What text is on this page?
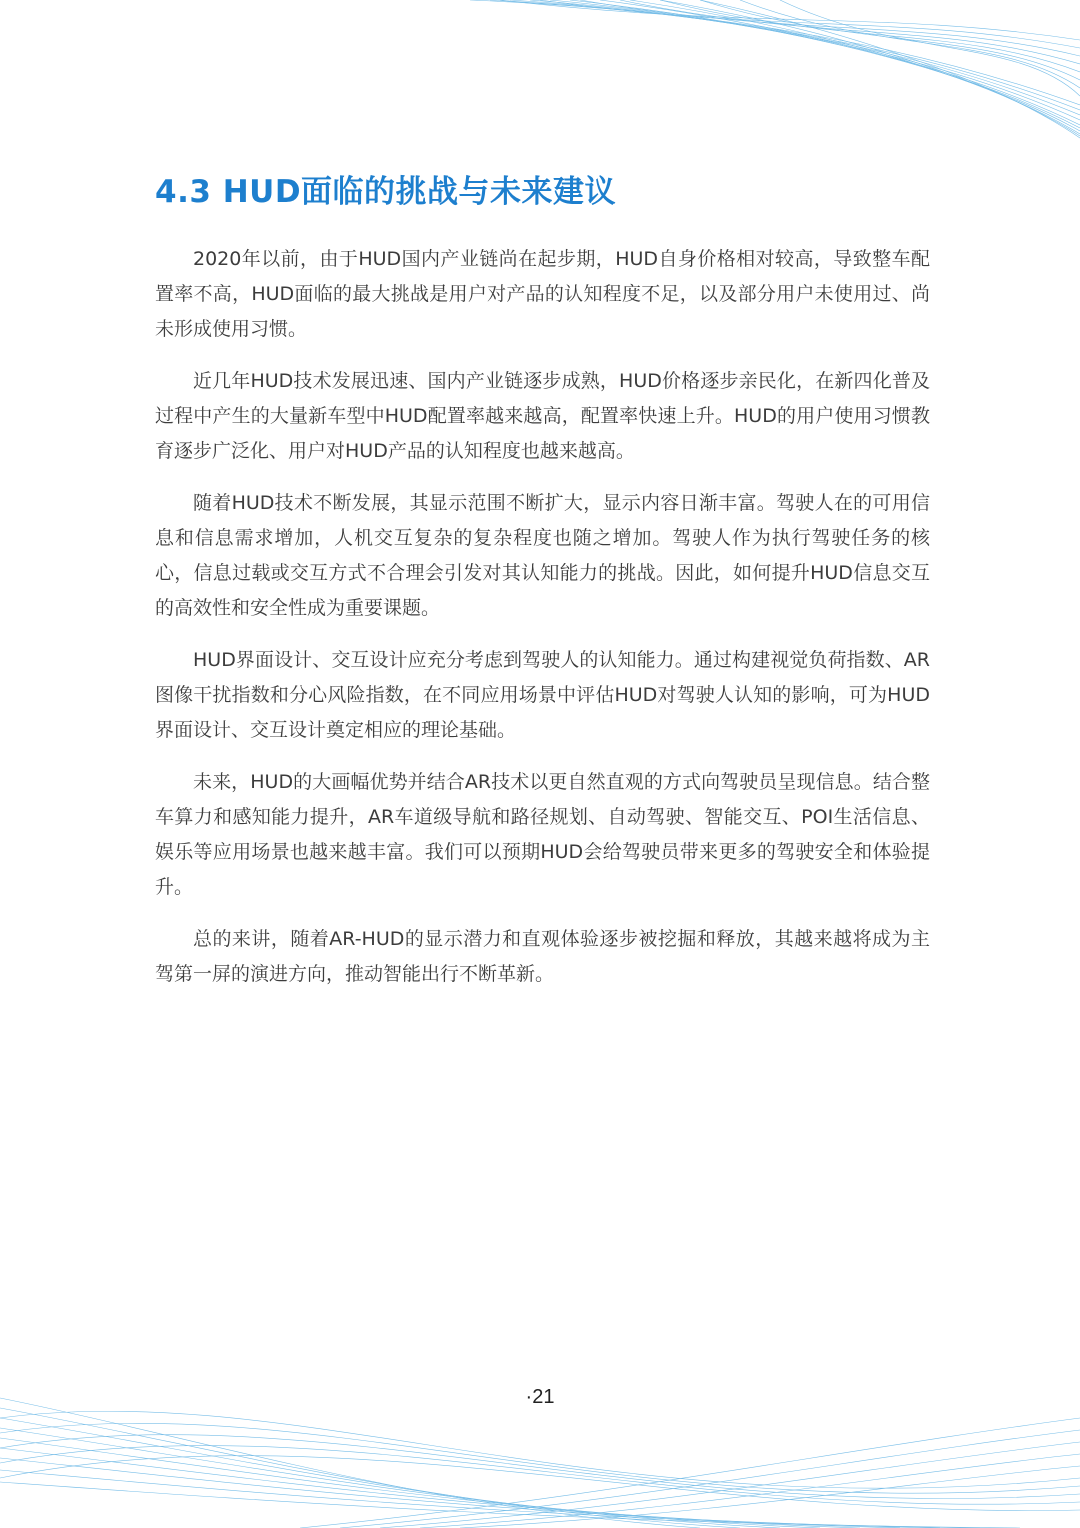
4.3 HUD面临的挑战与未来建议

2020年以前，由于HUD国内产业链尚在起步期，HUD自身价格相对较高，导致整车配置率不高，HUD面临的最大挑战是用户对产品的认知程度不足，以及部分用户未使用过、尚未形成使用习惯。

近几年HUD技术发展迅速、国内产业链逐步成熟，HUD价格逐步亲民化，在新四化普及过程中产生的大量新车型中HUD配置率越来越高，配置率快速上升。HUD的用户使用习惯教育逐步广泛化、用户对HUD产品的认知程度也越来越高。

随着HUD技术不断发展，其显示范围不断扩大，显示内容日渐丰富。驾驶人在的可用信息和信息需求增加，人机交互复杂的复杂程度也随之增加。驾驶人作为执行驾驶任务的核心，信息过载或交互方式不合理会引发对其认知能力的挑战。因此，如何提升HUD信息交互的高效性和安全性成为重要课题。

HUD界面设计、交互设计应充分考虑到驾驶人的认知能力。通过构建视觉负荷指数、AR图像干扰指数和分心风险指数，在不同应用场景中评估HUD对驾驶人认知的影响，可为HUD界面设计、交互设计奠定相应的理论基础。

未来，HUD的大画幅优势并结合AR技术以更自然直观的方式向驾驶员呈现信息。结合整车算力和感知能力提升，AR车道级导航和路径规划、自动驾驶、智能交互、POI生活信息、娱乐等应用场景也越来越丰富。我们可以预期HUD会给驾驶员带来更多的驾驶安全和体验提升。

总的来讲，随着AR-HUD的显示潜力和直观体验逐步被挖掘和释放，其越来越将成为主驾第一屏的演进方向，推动智能出行不断革新。

·21
